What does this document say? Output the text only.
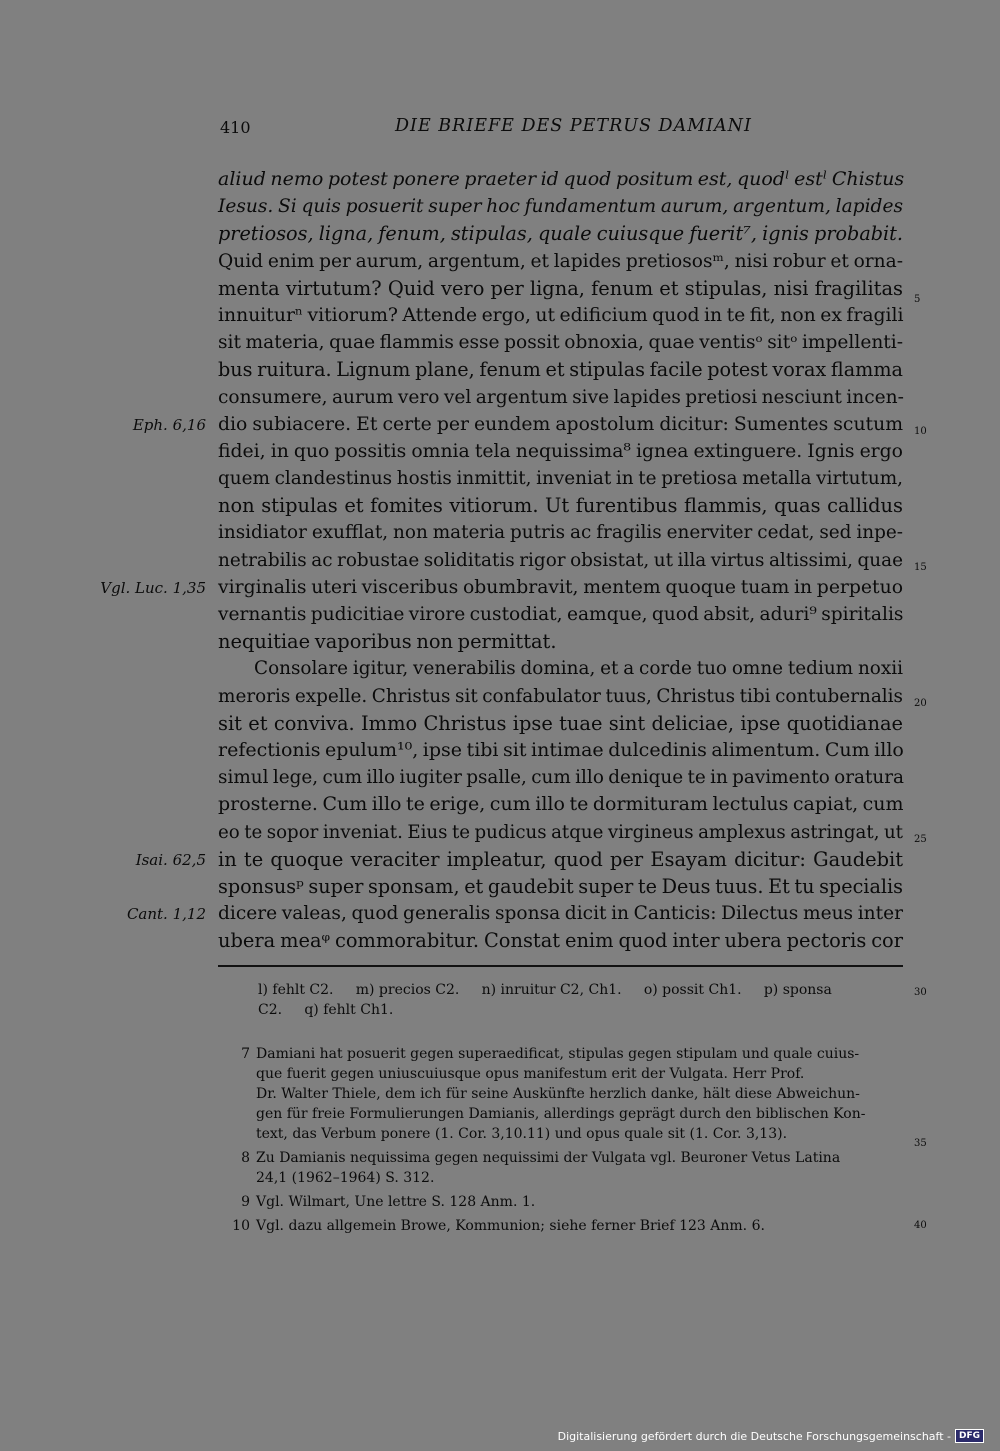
410	DIE BRIEFE DES PETRUS DAMIANI
aliud nemo potest ponere praeter id quod positum est, quodˡ estˡ Chistus
Iesus. Si quis posuerit super hoc fundamentum aurum, argentum, lapides
pretiosos, ligna, fenum, stipulas, quale cuiusque fuerit⁷, ignis probabit.
Quid enim per aurum, argentum, et lapides pretiososᵐ, nisi robur et orna-
menta virtutum? Quid vero per ligna, fenum et stipulas, nisi fragilitas
innuiturⁿ vitiorum? Attende ergo, ut edificium quod in te fit, non ex fragili
sit materia, quae flammis esse possit obnoxia, quae ventisᵒ sitᵒ impellenti-
bus ruitura. Lignum plane, fenum et stipulas facile potest vorax flamma
consumere, aurum vero vel argentum sive lapides pretiosi nesciunt incen-
dio subiacere. Et certe per eundem apostolum dicitur: Sumentes scutum
fidei, in quo possitis omnia tela nequissima⁸ ignea extinguere. Ignis ergo
quem clandestinus hostis inmittit, inveniat in te pretiosa metalla virtutum,
non stipulas et fomites vitiorum. Ut furentibus flammis, quas callidus
insidiator exufflat, non materia putris ac fragilis enerviter cedat, sed inpe-
netrabilis ac robustae soliditatis rigor obsistat, ut illa virtus altissimi, quae
virginalis uteri visceribus obumbravit, mentem quoque tuam in perpetuo
vernantis pudicitiae virore custodiat, eamque, quod absit, aduri⁹ spiritalis
nequitiae vaporibus non permittat.
Consolare igitur, venerabilis domina, et a corde tuo omne tedium noxii
meroris expelle. Christus sit confabulator tuus, Christus tibi contubernalis
sit et conviva. Immo Christus ipse tuae sint deliciae, ipse quotidianae
refectionis epulum¹⁰, ipse tibi sit intimae dulcedinis alimentum. Cum illo
simul lege, cum illo iugiter psalle, cum illo denique te in pavimento oratura
prosterne. Cum illo te erige, cum illo te dormituram lectulus capiat, cum
eo te sopor inveniat. Eius te pudicus atque virgineus amplexus astringat, ut
in te quoque veraciter impleatur, quod per Esayam dicitur: Gaudebit
sponsusᵖ super sponsam, et gaudebit super te Deus tuus. Et tu specialis
dicere valeas, quod generalis sponsa dicit in Canticis: Dilectus meus inter
ubera meaᵠ commorabitur. Constat enim quod inter ubera pectoris cor
Eph. 6,16
Vgl. Luc. 1,35
Isai. 62,5
Cant. 1,12
5
10
15
20
25
30
35
40
l) fehlt C2.     m) precios C2.     n) inruitur C2, Ch1.     o) possit Ch1.     p) sponsa
C2.     q) fehlt Ch1.
7 Damiani hat posuerit gegen superaedificat, stipulas gegen stipulam und quale cuius-
que fuerit gegen uniuscuiusque opus manifestum erit der Vulgata. Herr Prof.
Dr. Walter Thiele, dem ich für seine Auskünfte herzlich danke, hält diese Abweichun-
gen für freie Formulierungen Damianis, allerdings geprägt durch den biblischen Kon-
text, das Verbum ponere (1. Cor. 3,10.11) und opus quale sit (1. Cor. 3,13).
8 Zu Damianis nequissima gegen nequissimi der Vulgata vgl. Beuroner Vetus Latina
24,1 (1962–1964) S. 312.
9 Vgl. Wilmart, Une lettre S. 128 Anm. 1.
10 Vgl. dazu allgemein Browe, Kommunion; siehe ferner Brief 123 Anm. 6.
Digitalisierung gefördert durch die Deutsche Forschungsgemeinschaft - DFG
